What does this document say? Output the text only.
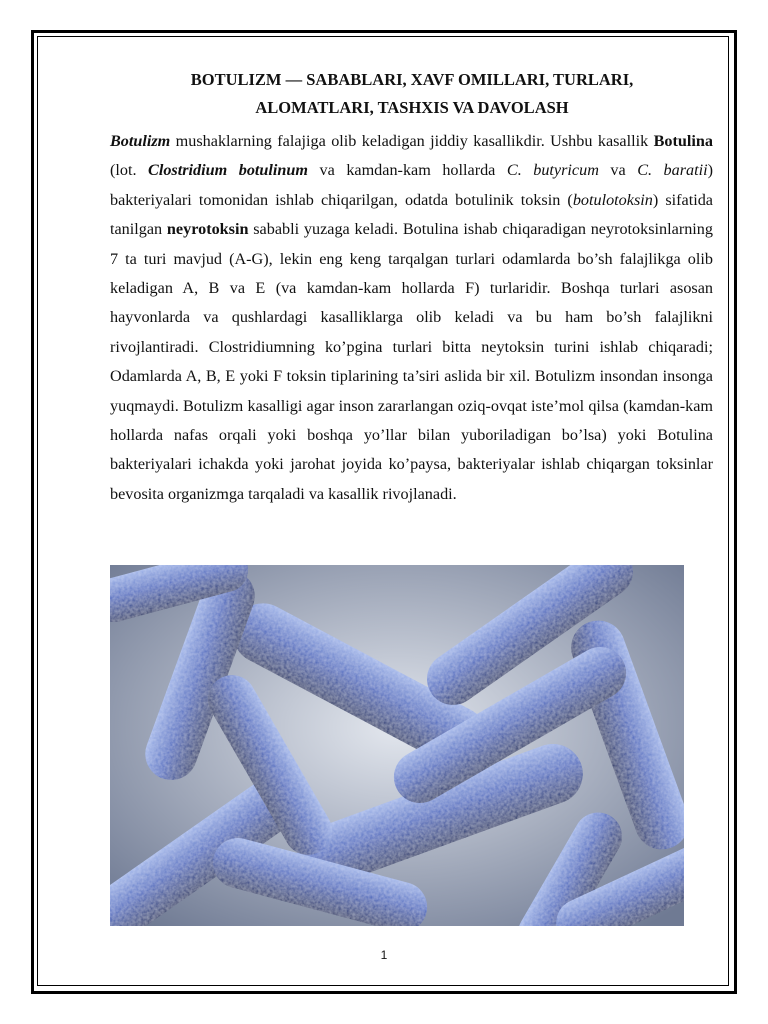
BOTULIZM — SABABLARI, XAVF OMILLARI, TURLARI,
ALOMATLARI, TASHXIS VA DAVOLASH

Botulizm mushaklarning falajiga olib keladigan jiddiy kasallikdir. Ushbu kasallik Botulina (lot. Clostridium botulinum va kamdan-kam hollarda C. butyricum va C. baratii) bakteriyalari tomonidan ishlab chiqarilgan, odatda botulinik toksin (botulotoksin) sifatida tanilgan neyrotoksin sababli yuzaga keladi. Botulina ishab chiqaradigan neyrotoksinlarning 7 ta turi mavjud (A-G), lekin eng keng tarqalgan turlari odamlarda bo’sh falajlikga olib keladigan A, B va E (va kamdan-kam hollarda F) turlaridir. Boshqa turlari asosan hayvonlarda va qushlardagi kasalliklarga olib keladi va bu ham bo’sh falajlikni rivojlantiradi. Clostridiumning ko’pgina turlari bitta neytoksin turini ishlab chiqaradi; Odamlarda A, B, E yoki F toksin tiplarining ta’siri aslida bir xil. Botulizm insondan insonga yuqmaydi. Botulizm kasalligi agar inson zararlangan oziq-ovqat iste’mol qilsa (kamdan-kam hollarda nafas orqali yoki boshqa yo’llar bilan yuboriladigan bo’lsa) yoki Botulina bakteriyalari ichakda yoki jarohat joyida ko’paysa, bakteriyalar ishlab chiqargan toksinlar bevosita organizmga tarqaladi va kasallik rivojlanadi.

1
